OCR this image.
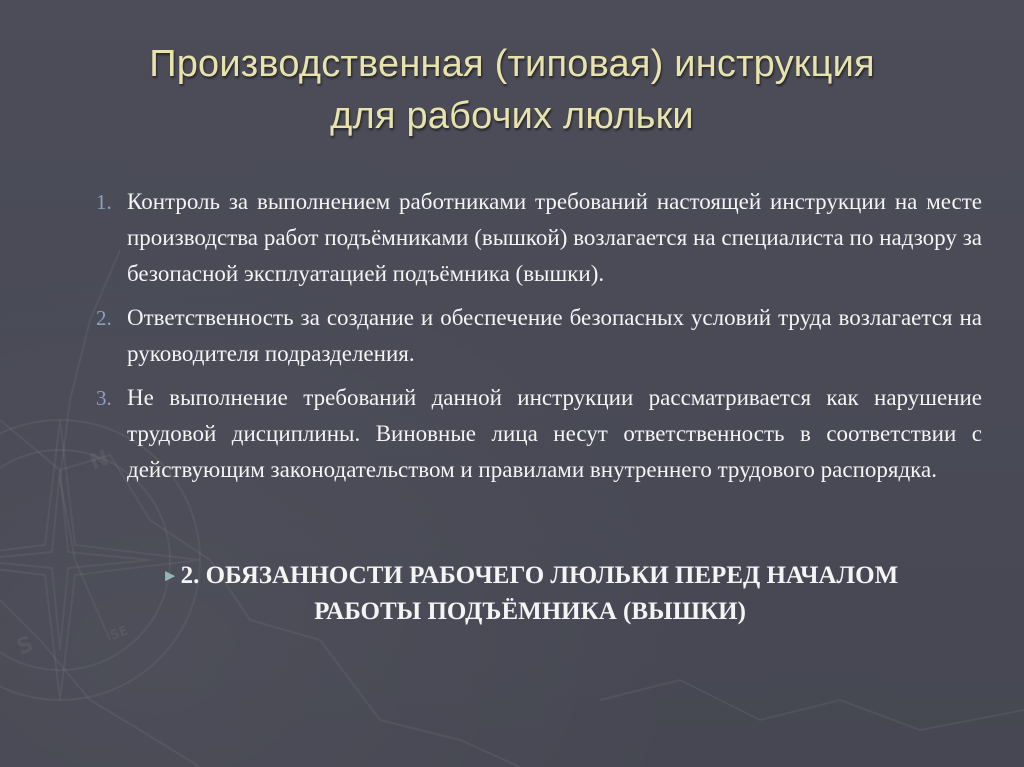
N
S	SE
Производственная (типовая) инструкция
для рабочих люльки
1. Контроль за выполнением работниками требований настоящей инструкции на месте производства работ подъёмниками (вышкой) возлагается на специалиста по надзору за безопасной эксплуатацией подъёмника (вышки).
2. Ответственность за создание и обеспечение безопасных условий труда возлагается на руководителя подразделения.
3. Не выполнение требований данной инструкции рассматривается как нарушение трудовой дисциплины. Виновные лица несут ответственность в соответствии с действующим законодательством и правилами внутреннего трудового распорядка.
►2. ОБЯЗАННОСТИ РАБОЧЕГО ЛЮЛЬКИ ПЕРЕД НАЧАЛОМ
РАБОТЫ ПОДЪЁМНИКА (ВЫШКИ)
